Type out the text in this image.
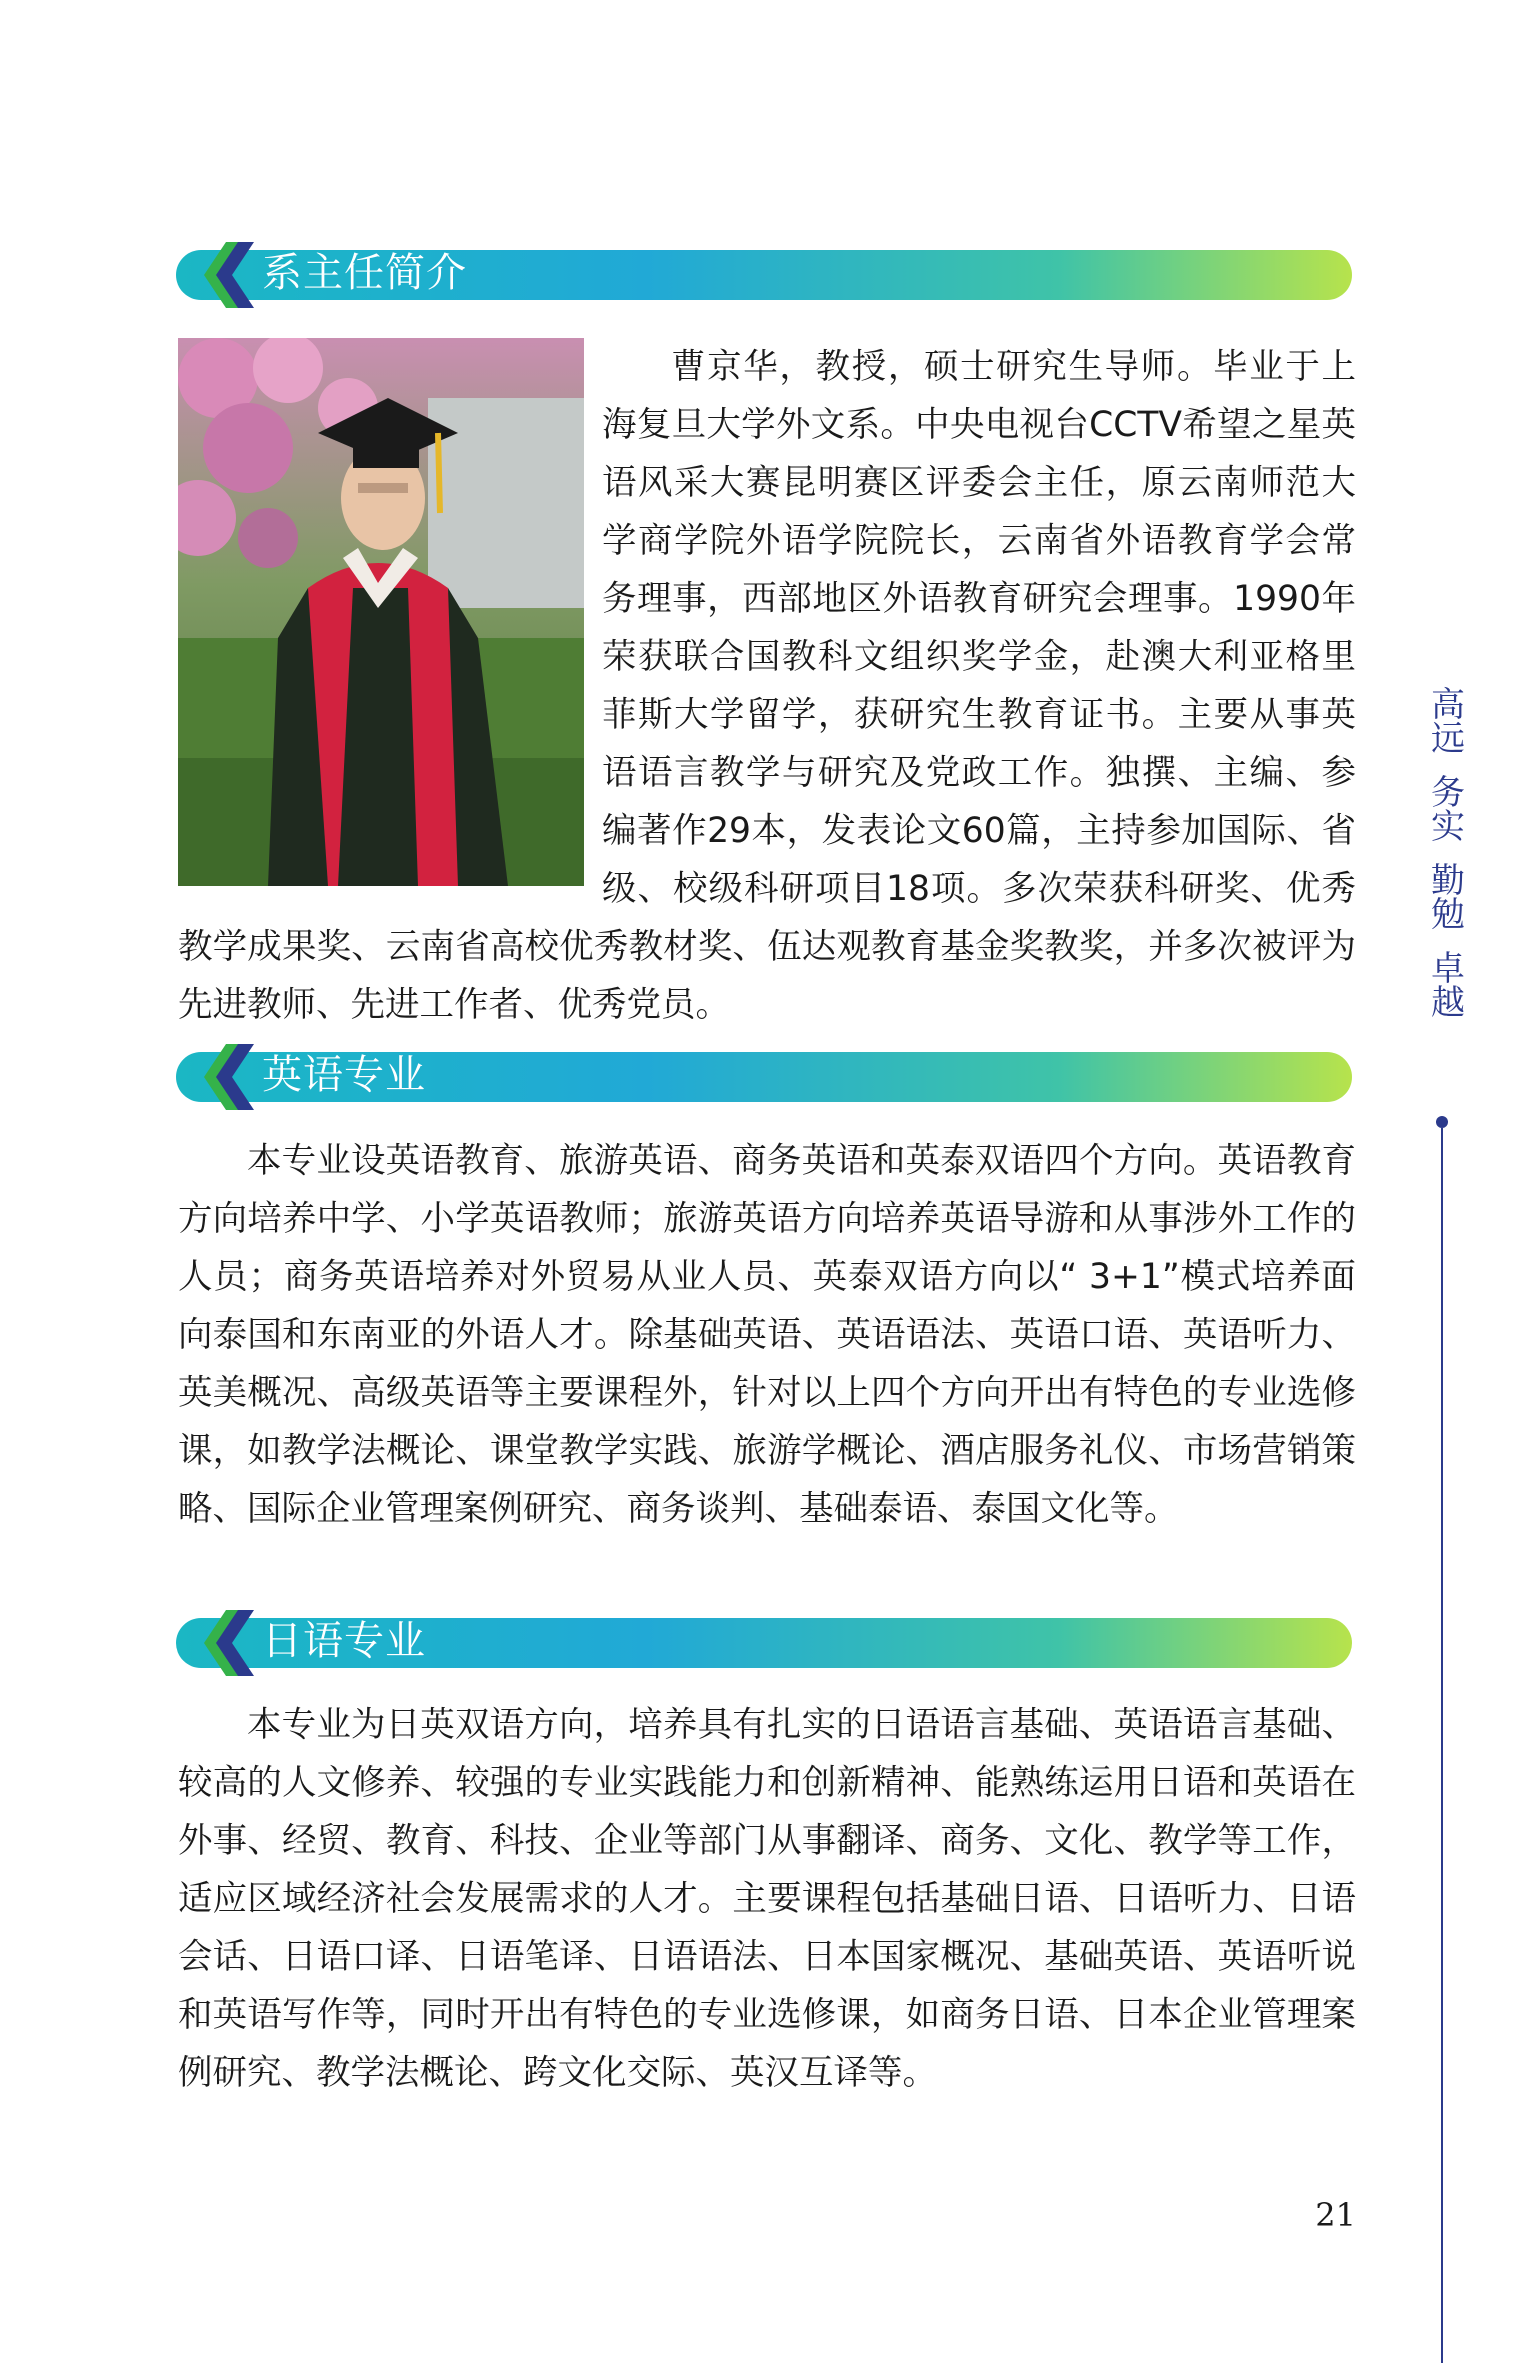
系主任简介

曹京华，教授，硕士研究生导师。毕业于上海复旦大学外文系。中央电视台CCTV希望之星英语风采大赛昆明赛区评委会主任，原云南师范大学商学院外语学院院长，云南省外语教育学会常务理事，西部地区外语教育研究会理事。1990年荣获联合国教科文组织奖学金，赴澳大利亚格里菲斯大学留学，获研究生教育证书。主要从事英语语言教学与研究及党政工作。独撰、主编、参编著作29本，发表论文60篇，主持参加国际、省级、校级科研项目18项。多次荣获科研奖、优秀教学成果奖、云南省高校优秀教材奖、伍达观教育基金奖教奖，并多次被评为先进教师、先进工作者、优秀党员。

英语专业

本专业设英语教育、旅游英语、商务英语和英泰双语四个方向。英语教育方向培养中学、小学英语教师；旅游英语方向培养英语导游和从事涉外工作的人员；商务英语培养对外贸易从业人员、英泰双语方向以“ 3+1”模式培养面向泰国和东南亚的外语人才。除基础英语、英语语法、英语口语、英语听力、英美概况、高级英语等主要课程外，针对以上四个方向开出有特色的专业选修课，如教学法概论、课堂教学实践、旅游学概论、酒店服务礼仪、市场营销策略、国际企业管理案例研究、商务谈判、基础泰语、泰国文化等。

日语专业

本专业为日英双语方向，培养具有扎实的日语语言基础、英语语言基础、较高的人文修养、较强的专业实践能力和创新精神、能熟练运用日语和英语在外事、经贸、教育、科技、企业等部门从事翻译、商务、文化、教学等工作，适应区域经济社会发展需求的人才。主要课程包括基础日语、日语听力、日语会话、日语口译、日语笔译、日语语法、日本国家概况、基础英语、英语听说和英语写作等，同时开出有特色的专业选修课，如商务日语、日本企业管理案例研究、教学法概论、跨文化交际、英汉互译等。

高
远
务
实
勤
勉
卓
越
21
